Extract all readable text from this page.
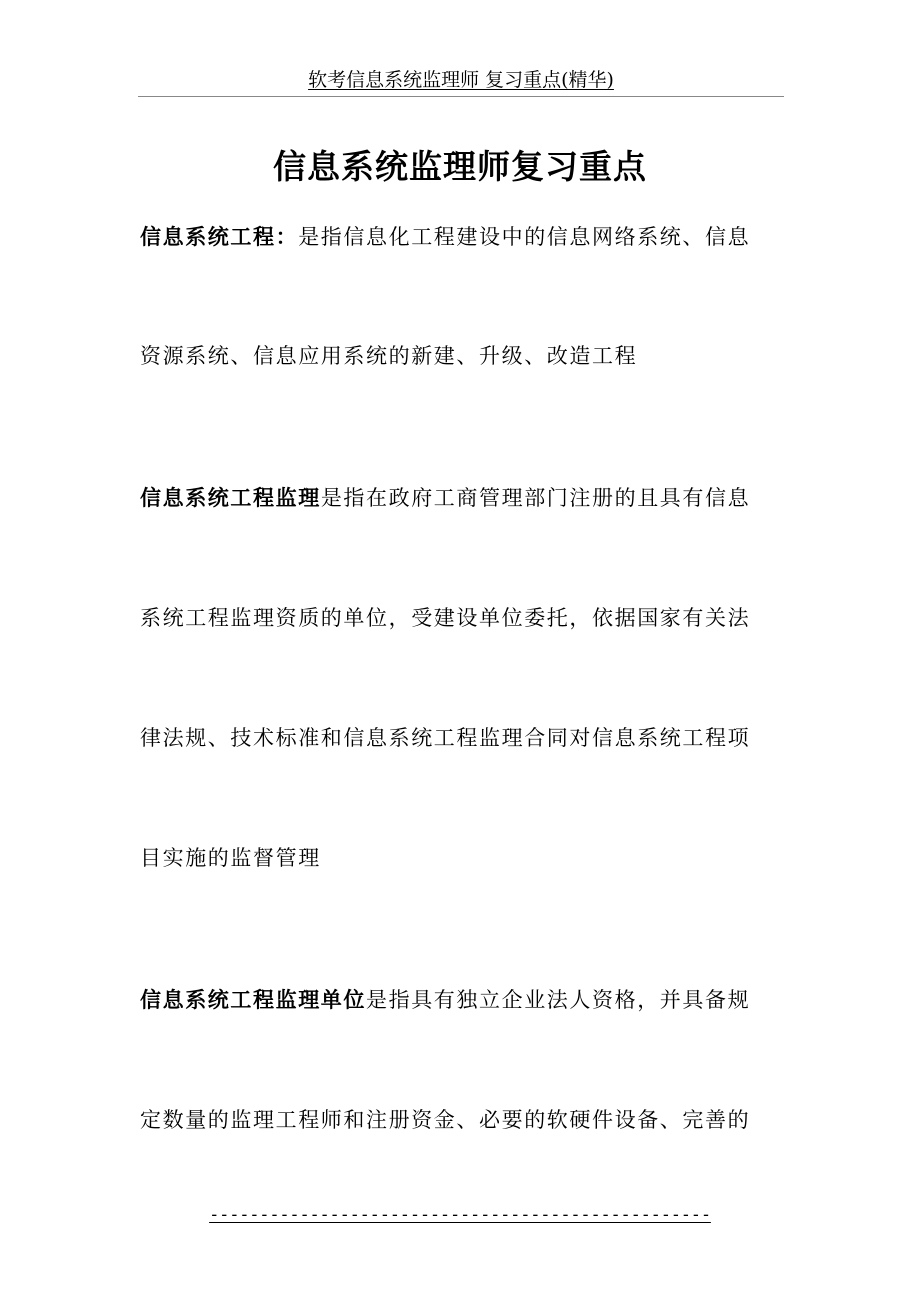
软考信息系统监理师 复习重点(精华)
信息系统监理师复习重点
信息系统工程：是指信息化工程建设中的信息网络系统、信息
资源系统、信息应用系统的新建、升级、改造工程
信息系统工程监理是指在政府工商管理部门注册的且具有信息
系统工程监理资质的单位，受建设单位委托，依据国家有关法
律法规、技术标准和信息系统工程监理合同对信息系统工程项
目实施的监督管理
信息系统工程监理单位是指具有独立企业法人资格，并具备规
定数量的监理工程师和注册资金、必要的软硬件设备、完善的
--------------------------------------------------
